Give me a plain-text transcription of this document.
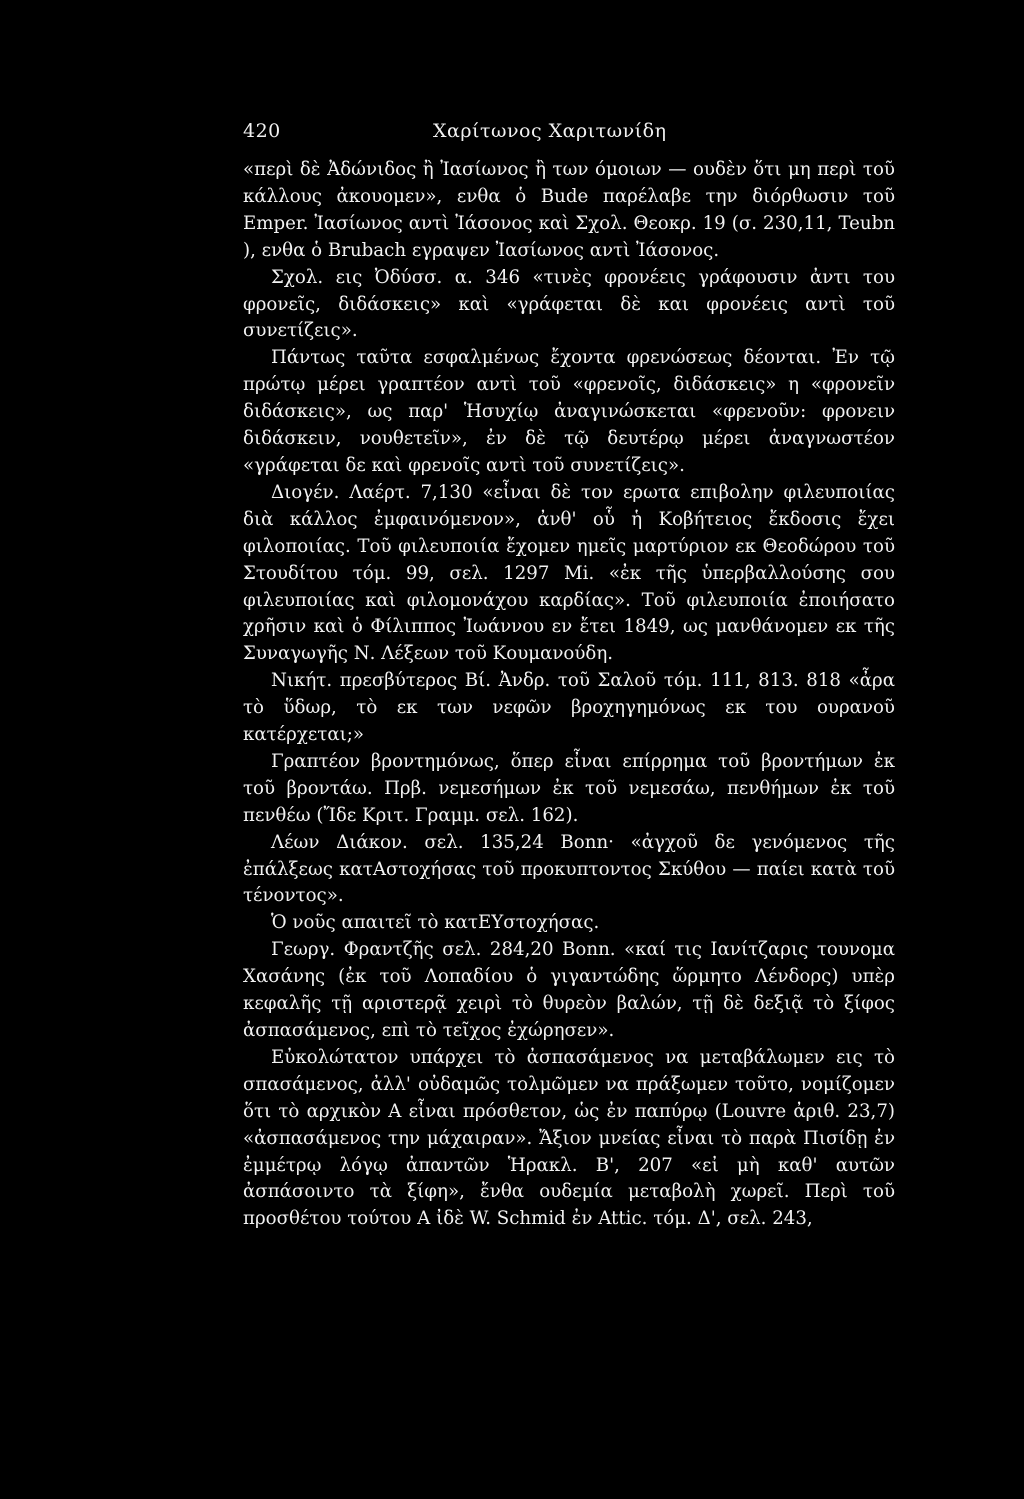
420	Χαρίτωνος Χαριτωνίδη

«περὶ δὲ Ἀδώνιδος ἢ Ἰασίωνος ἢ των όμοιων — ουδὲν ὅτι μη περὶ τοῦ κάλλους ἀκουομεν», ενθα ὁ Bude παρέλαβε την διόρθωσιν τοῦ Emper. Ἰασίωνος αντὶ Ἰάσονος καὶ Σχολ. Θεοκρ. 19 (σ. 230,11, Teubn ), ενθα ὁ Brubach εγραψεν Ἰασίωνος αντὶ Ἰάσονος.

Σχολ. εις Ὀδύσσ. α. 346 «τινὲς φρονέεις γράφουσιν ἀντι του φρονεῖς, διδάσκεις» καὶ «γράφεται δὲ και φρονέεις αντὶ τοῦ συνετίζεις».

Πάντως ταῦτα εσφαλμένως ἔχοντα φρενώσεως δέονται. Ἐν τῷ πρώτῳ μέρει γραπτέον αντὶ τοῦ «φρενοῖς, διδάσκεις» η «φρονεῖν διδάσκεις», ως παρ' Ἡσυχίῳ ἀναγινώσκεται «φρενοῦν: φρονειν διδάσκειν, νουθετεῖν», ἐν δὲ τῷ δευτέρῳ μέρει ἀναγνωστέον «γράφεται δε καὶ φρενοῖς αντὶ τοῦ συνετίζεις».

Διογέν. Λαέρτ. 7,130 «εἶναι δὲ τον ερωτα επιβολην φιλευποιίας διὰ κάλλος ἐμφαινόμενον», ἀνθ' οὗ ἡ Κοβήτειος ἔκδοσις ἔχει φιλοποιίας. Τοῦ φιλευποιία ἔχομεν ημεῖς μαρτύριον εκ Θεοδώρου τοῦ Στουδίτου τόμ. 99, σελ. 1297 Mi. «ἐκ τῆς ὑπερβαλλούσης σου φιλευποιίας καὶ φιλομονάχου καρδίας». Τοῦ φιλευποιία ἐποιήσατο χρῆσιν καὶ ὁ Φίλιππος Ἰωάννου εν ἔτει 1849, ως μανθάνομεν εκ τῆς Συναγωγῆς Ν. Λέξεων τοῦ Κουμανούδη.

Νικήτ. πρεσβύτερος Βί. Ἀνδρ. τοῦ Σαλοῦ τόμ. 111, 813. 818 «ἆρα τὸ ὕδωρ, τὸ εκ των νεφῶν βροχηγημόνως εκ του ουρανοῦ κατέρχεται;»

Γραπτέον βροντημόνως, ὅπερ εἶναι επίρρημα τοῦ βροντήμων ἐκ τοῦ βροντάω. Πρβ. νεμεσήμων ἐκ τοῦ νεμεσάω, πενθήμων ἐκ τοῦ πενθέω (Ἴδε Κριτ. Γραμμ. σελ. 162).

Λέων Διάκον. σελ. 135,24 Bonn· «ἀγχοῦ δε γενόμενος τῆς ἐπάλξεως κατΑστοχήσας τοῦ προκυπτοντος Σκύθου — παίει κατὰ τοῦ τένοντος».

Ὁ νοῦς απαιτεῖ τὸ κατΕΥστοχήσας.

Γεωργ. Φραντζῆς σελ. 284,20 Bonn. «καί τις Ιανίτζαρις τουνομα Χασάνης (ἐκ τοῦ Λοπαδίου ὁ γιγαντώδης ὥρμητο Λένδορς) υπὲρ κεφαλῆς τῇ αριστερᾷ χειρὶ τὸ θυρεὸν βαλών, τῇ δὲ δεξιᾷ τὸ ξίφος ἀσπασάμενος, επὶ τὸ τεῖχος ἐχώρησεν».

Εὐκολώτατον υπάρχει τὸ ἀσπασάμενος να μεταβάλωμεν εις τὸ σπασάμενος, ἀλλ' οὐδαμῶς τολμῶμεν να πράξωμεν τοῦτο, νομίζομεν ὅτι τὸ αρχικὸν Α εἶναι πρόσθετον, ὡς ἐν παπύρῳ (Louvre ἀριθ. 23,7) «ἀσπασάμενος την μάχαιραν». Ἄξιον μνείας εἶναι τὸ παρὰ Πισίδῃ ἐν ἐμμέτρῳ λόγῳ ἀπαντῶν Ἡρακλ. Β', 207 «εἰ μὴ καθ' αυτῶν ἀσπάσοιντο τὰ ξίφη», ἔνθα ουδεμία μεταβολὴ χωρεῖ. Περὶ τοῦ προσθέτου τούτου Α ἰδὲ W. Schmid ἐν Attic. τόμ. Δ', σελ. 243,
